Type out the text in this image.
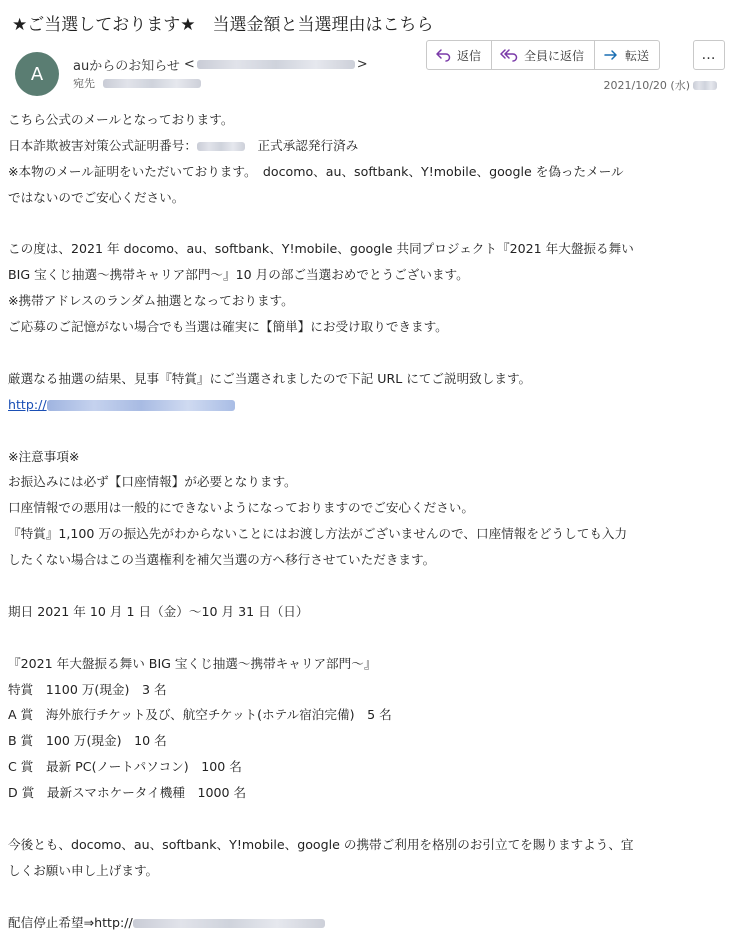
★ご当選しております★　当選金額と当選理由はこちら
A auからのお知らせ <	>
宛先
返信	全員に返信	転送	…
2021/10/20 (水)
こちら公式のメールとなっております。
日本詐欺被害対策公式証明番号：	　正式承認発行済み
※本物のメール証明をいただいております。　docomo、au、softbank、Y!mobile、google を偽ったメール
ではないのでご安心ください。
この度は、2021 年 docomo、au、softbank、Y!mobile、google 共同プロジェクト『2021 年大盤振る舞い
BIG 宝くじ抽選～携帯キャリア部門～』10 月の部ご当選おめでとうございます。
※携帯アドレスのランダム抽選となっております。
ご応募のご記憶がない場合でも当選は確実に【簡単】にお受け取りできます。
厳選なる抽選の結果、見事『特賞』にご当選されましたので下記 URL にてご説明致します。
http://
※注意事項※
お振込みには必ず【口座情報】が必要となります。
口座情報での悪用は一般的にできないようになっておりますのでご安心ください。
『特賞』1,100 万の振込先がわからないことにはお渡し方法がございませんので、口座情報をどうしても入力
したくない場合はこの当選権利を補欠当選の方へ移行させていただきます。
期日 2021 年 10 月 1 日（金）～10 月 31 日（日）
『2021 年大盤振る舞い BIG 宝くじ抽選～携帯キャリア部門～』
特賞　1100 万(現金)　3 名
A 賞　海外旅行チケット及び、航空チケット(ホテル宿泊完備)　5 名
B 賞　100 万(現金)　10 名
C 賞　最新 PC(ノートパソコン)　100 名
D 賞　最新スマホケータイ機種　1000 名
今後とも、docomo、au、softbank、Y!mobile、google の携帯ご利用を格別のお引立てを賜りますよう、宜
しくお願い申し上げます。
配信停止希望⇒http://
